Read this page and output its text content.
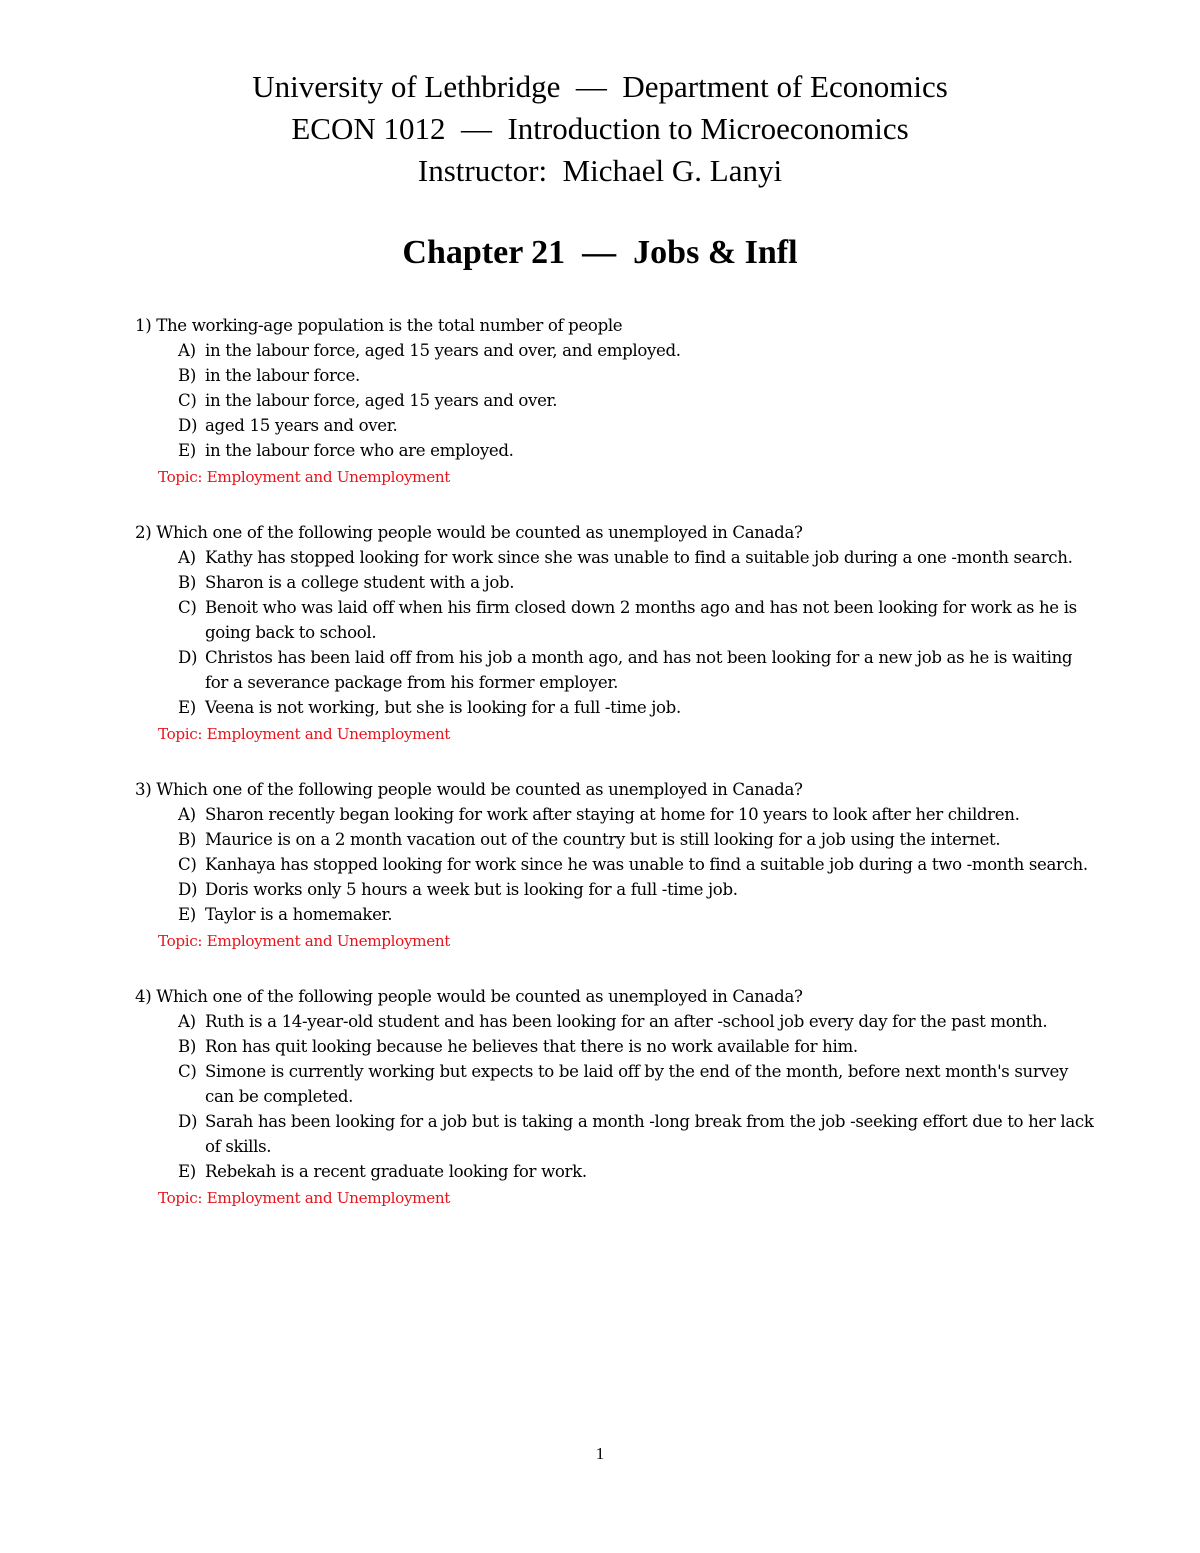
University of Lethbridge  —  Department of Economics
ECON 1012  —  Introduction to Microeconomics
Instructor:  Michael G. Lanyi
Chapter 21  —  Jobs & Infl
1) The working-age population is the total number of people
A) in the labour force, aged 15 years and over, and employed.
B) in the labour force.
C) in the labour force, aged 15 years and over.
D) aged 15 years and over.
E) in the labour force who are employed.
Topic: Employment and Unemployment
2) Which one of the following people would be counted as unemployed in Canada?
A) Kathy has stopped looking for work since she was unable to find a suitable job during a one -month search.
B) Sharon is a college student with a job.
C) Benoit who was laid off when his firm closed down 2 months ago and has not been looking for work as he is going back to school.
D) Christos has been laid off from his job a month ago, and has not been looking for a new job as he is waiting for a severance package from his former employer.
E) Veena is not working, but she is looking for a full -time job.
Topic: Employment and Unemployment
3) Which one of the following people would be counted as unemployed in Canada?
A) Sharon recently began looking for work after staying at home for 10 years to look after her children.
B) Maurice is on a 2 month vacation out of the country but is still looking for a job using the internet.
C) Kanhaya has stopped looking for work since he was unable to find a suitable job during a two -month search.
D) Doris works only 5 hours a week but is looking for a full -time job.
E) Taylor is a homemaker.
Topic: Employment and Unemployment
4) Which one of the following people would be counted as unemployed in Canada?
A) Ruth is a 14-year-old student and has been looking for an after -school job every day for the past month.
B) Ron has quit looking because he believes that there is no work available for him.
C) Simone is currently working but expects to be laid off by the end of the month, before next month's survey can be completed.
D) Sarah has been looking for a job but is taking a month -long break from the job -seeking effort due to her lack of skills.
E) Rebekah is a recent graduate looking for work.
Topic: Employment and Unemployment
1
